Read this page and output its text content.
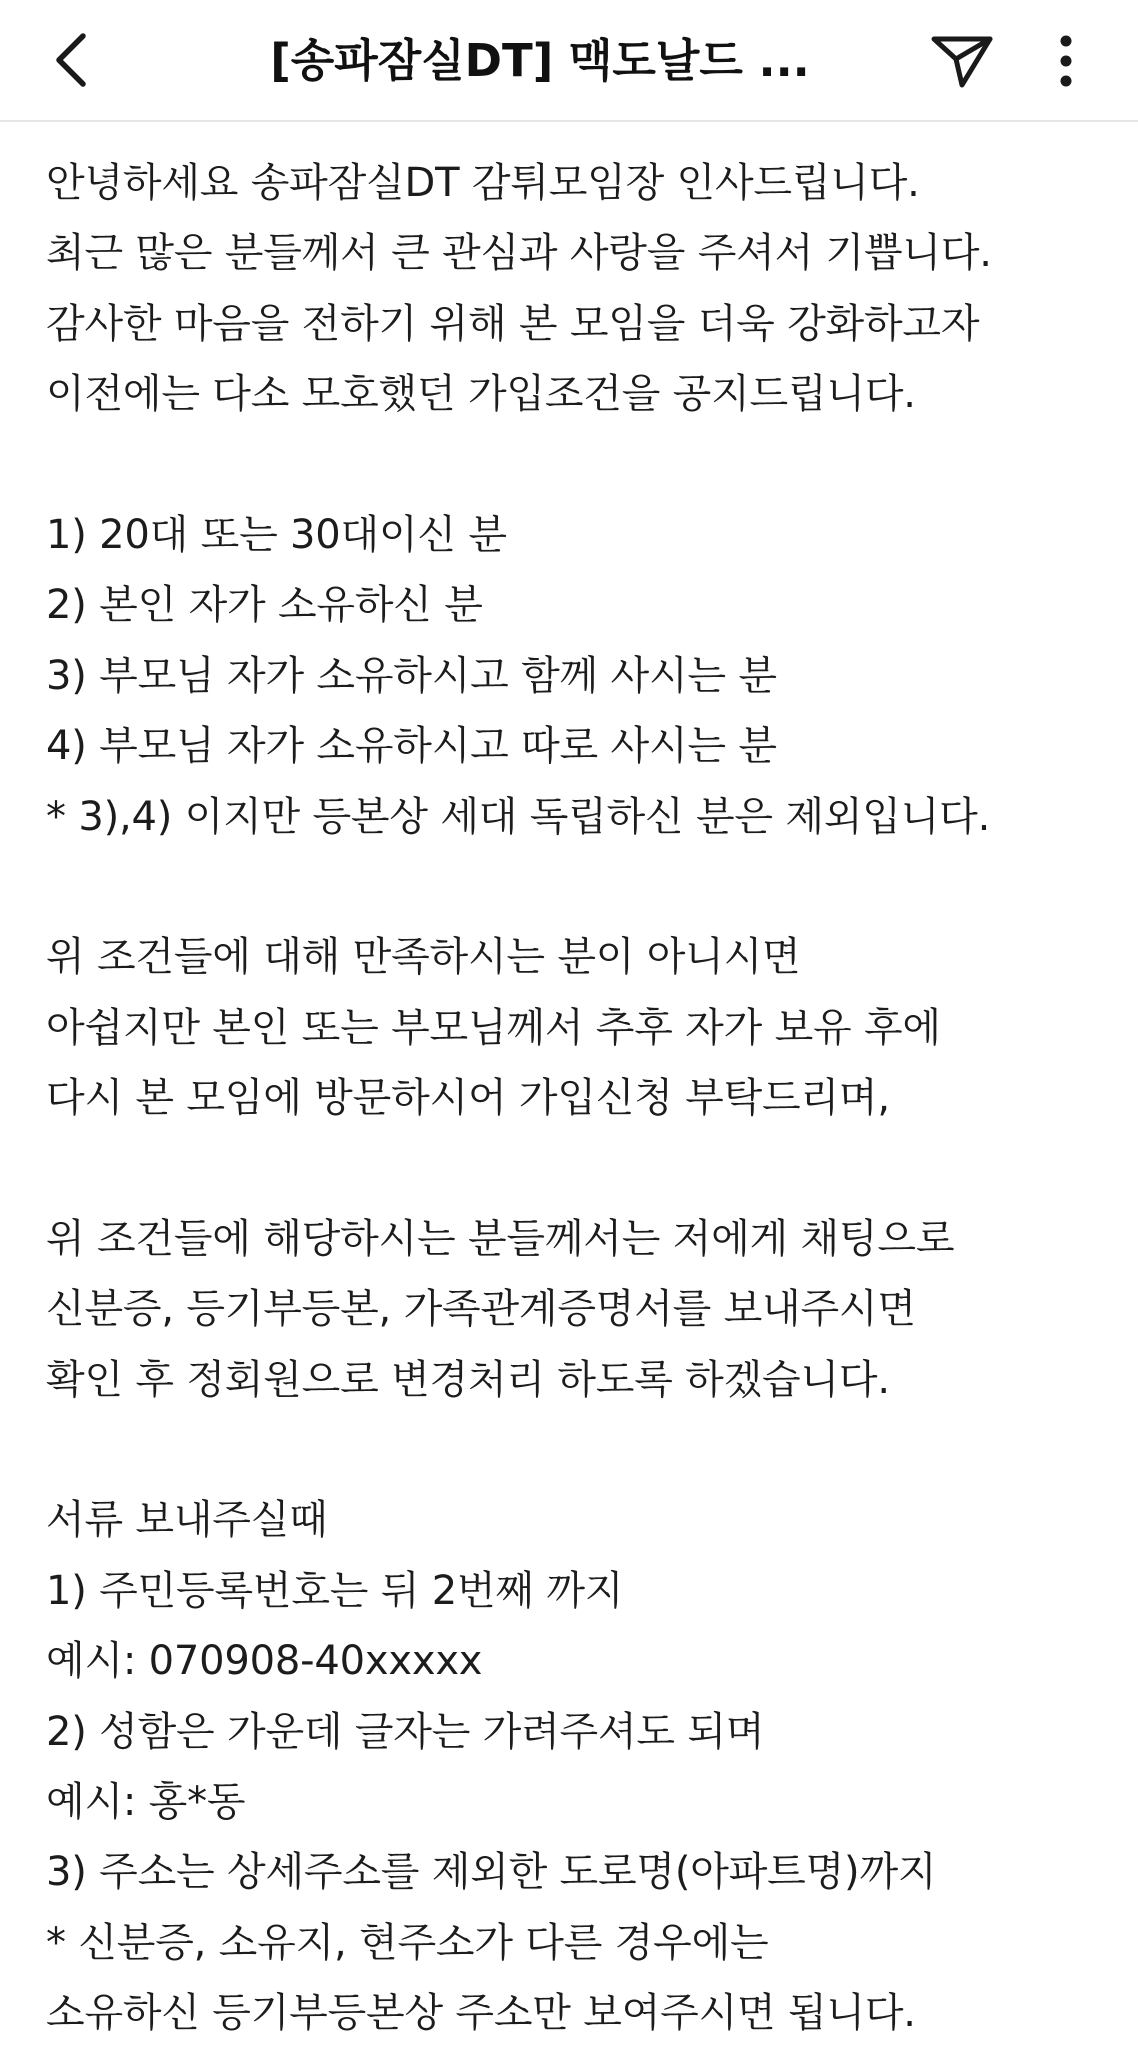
[송파잠실DT] 맥도날드 ...
안녕하세요 송파잠실DT 감튀모임장 인사드립니다.
최근 많은 분들께서 큰 관심과 사랑을 주셔서 기쁩니다.
감사한 마음을 전하기 위해 본 모임을 더욱 강화하고자
이전에는 다소 모호했던 가입조건을 공지드립니다.
1) 20대 또는 30대이신 분
2) 본인 자가 소유하신 분
3) 부모님 자가 소유하시고 함께 사시는 분
4) 부모님 자가 소유하시고 따로 사시는 분
* 3),4) 이지만 등본상 세대 독립하신 분은 제외입니다.
위 조건들에 대해 만족하시는 분이 아니시면
아쉽지만 본인 또는 부모님께서 추후 자가 보유 후에
다시 본 모임에 방문하시어 가입신청 부탁드리며,
위 조건들에 해당하시는 분들께서는 저에게 채팅으로
신분증, 등기부등본, 가족관계증명서를 보내주시면
확인 후 정회원으로 변경처리 하도록 하겠습니다.
서류 보내주실때
1) 주민등록번호는 뒤 2번째 까지
예시: 070908-40xxxxx
2) 성함은 가운데 글자는 가려주셔도 되며
예시: 홍*동
3) 주소는 상세주소를 제외한 도로명(아파트명)까지
* 신분증, 소유지, 현주소가 다른 경우에는
소유하신 등기부등본상 주소만 보여주시면 됩니다.
